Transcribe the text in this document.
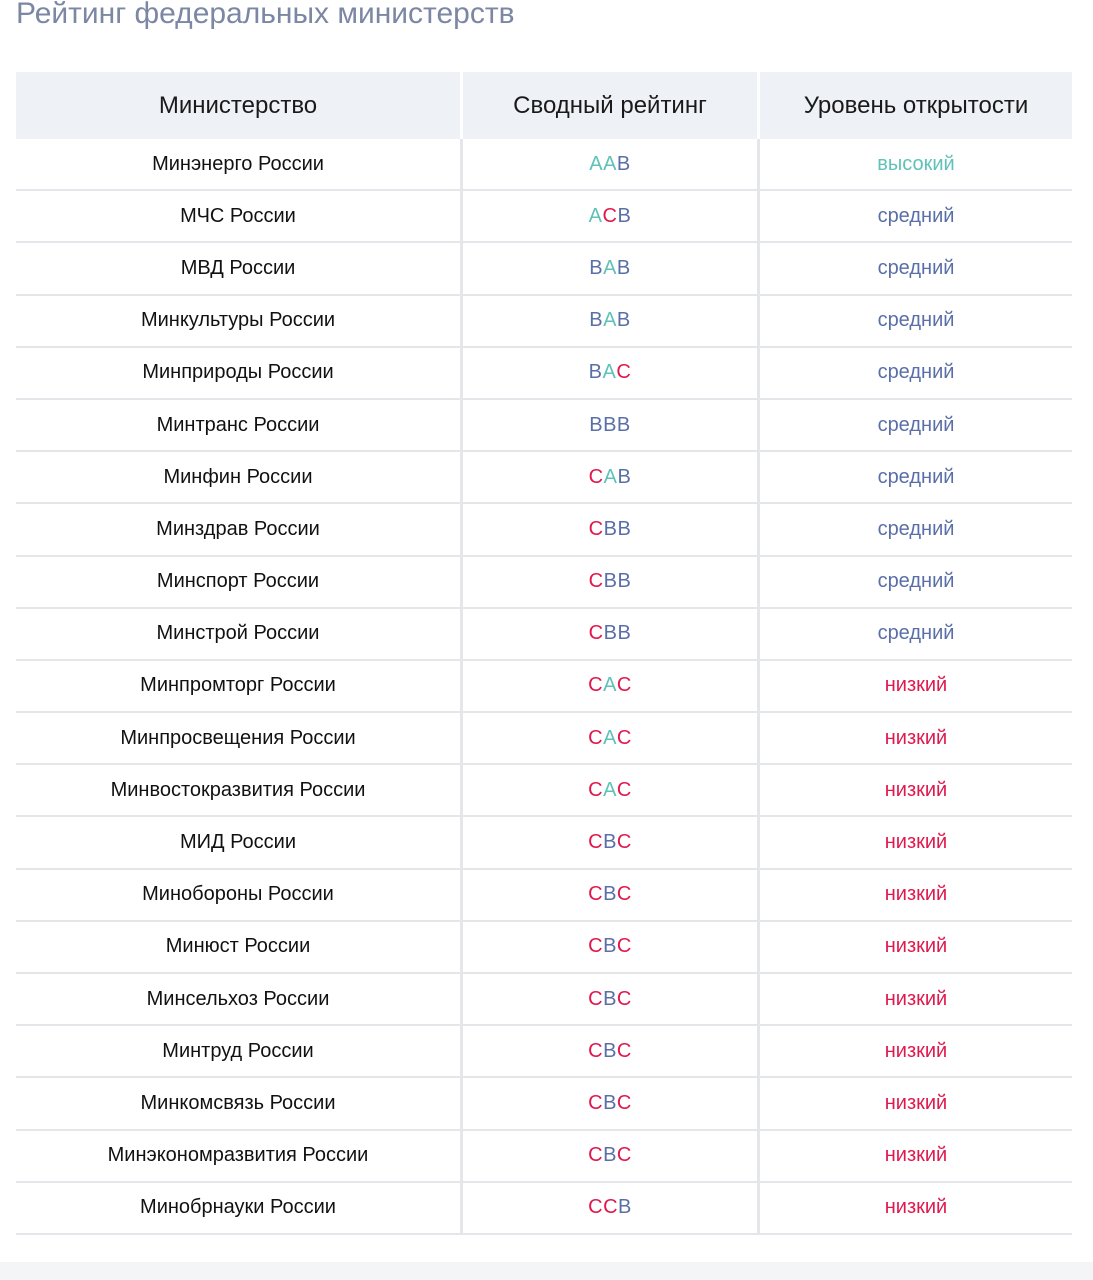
Рейтинг федеральных министерств
Министерство	Сводный рейтинг	Уровень открытости
Минэнерго России	AAB	высокий
МЧС России	ACB	средний
МВД России	BAB	средний
Минкультуры России	BAB	средний
Минприроды России	BAC	средний
Минтранс России	BBB	средний
Минфин России	CAB	средний
Минздрав России	CBB	средний
Минспорт России	CBB	средний
Минстрой России	CBB	средний
Минпромторг России	CAC	низкий
Минпросвещения России	CAC	низкий
Минвостокразвития России	CAC	низкий
МИД России	CBC	низкий
Минобороны России	CBC	низкий
Минюст России	CBC	низкий
Минсельхоз России	CBC	низкий
Минтруд России	CBC	низкий
Минкомсвязь России	CBC	низкий
Минэкономразвития России	CBC	низкий
Минобрнауки России	CCB	низкий
